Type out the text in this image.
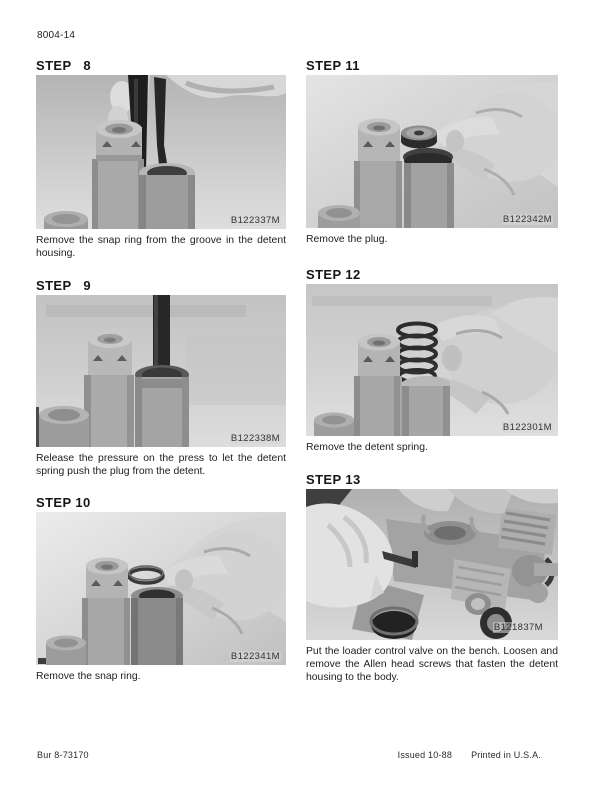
8004-14
STEP   8
B122337M
Remove the snap ring from the groove in the detent housing.
STEP   9
B122338M
Release the pressure on the press to let the detent spring push the plug from the detent.
STEP 10
B122341M
Remove the snap ring.
STEP 11
B122342M
Remove the plug.
STEP 12
B122301M
Remove the detent spring.
STEP 13
B121837M
Put the loader control valve on the bench. Loosen and remove the Allen head screws that fasten the detent housing to the body.
Bur 8-73170	Issued 10-88 Printed in U.S.A.
